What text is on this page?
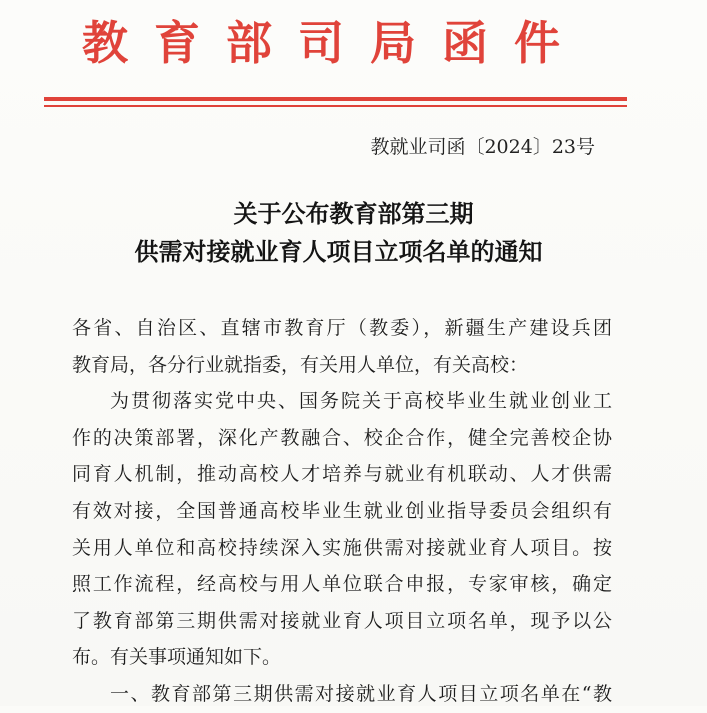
教育部司局函件
教就业司函〔2024〕23号
关于公布教育部第三期
供需对接就业育人项目立项名单的通知
各省、自治区、直辖市教育厅（教委），新疆生产建设兵团
教育局，各分行业就指委，有关用人单位，有关高校：
为贯彻落实党中央、国务院关于高校毕业生就业创业工
作的决策部署，深化产教融合、校企合作，健全完善校企协
同育人机制，推动高校人才培养与就业有机联动、人才供需
有效对接，全国普通高校毕业生就业创业指导委员会组织有
关用人单位和高校持续深入实施供需对接就业育人项目。按
照工作流程，经高校与用人单位联合申报，专家审核，确定
了教育部第三期供需对接就业育人项目立项名单，现予以公
布。有关事项通知如下。
一、教育部第三期供需对接就业育人项目立项名单在“教
